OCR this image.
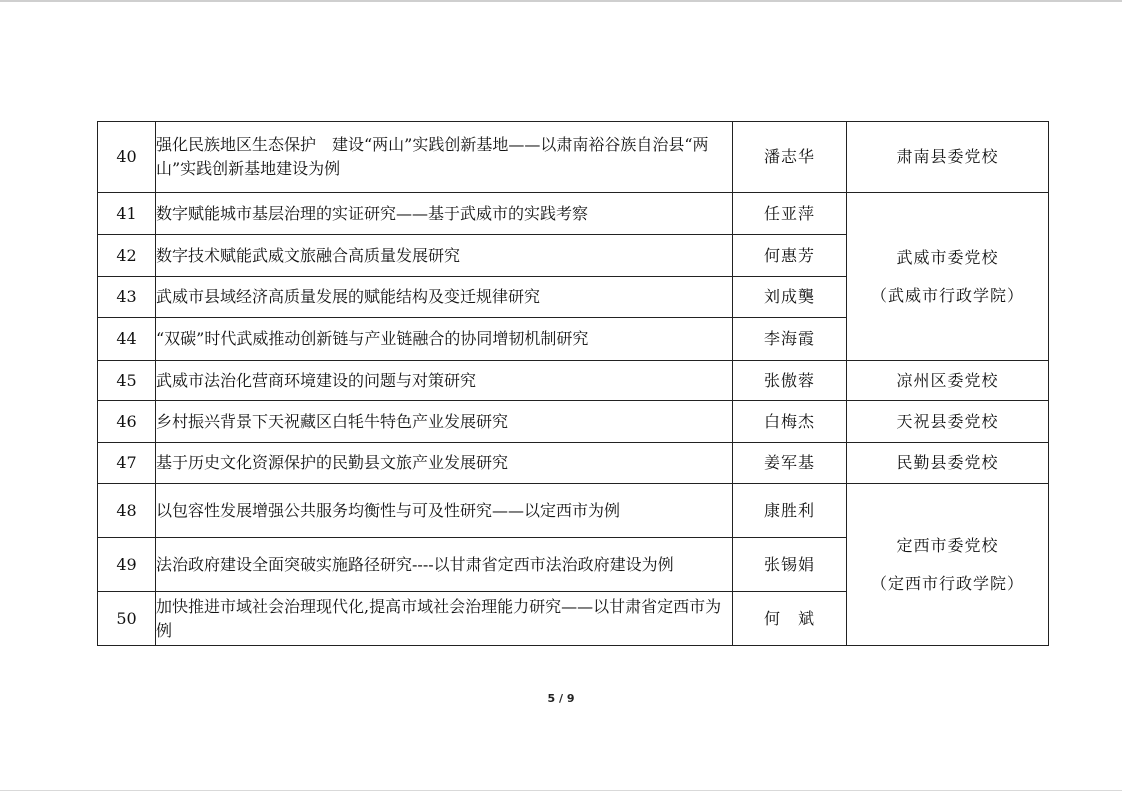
40	强化民族地区生态保护　建设“两山”实践创新基地——以肃南裕谷族自治县“两山”实践创新基地建设为例	潘志华	肃南县委党校
41	数字赋能城市基层治理的实证研究——基于武威市的实践考察	任亚萍	武威市委党校
（武威市行政学院）

42	数字技术赋能武威文旅融合高质量发展研究	何惠芳	
43	武威市县域经济高质量发展的赋能结构及变迁规律研究	刘成龑	
44	“双碳”时代武威推动创新链与产业链融合的协同增韧机制研究	李海霞	
45	武威市法治化营商环境建设的问题与对策研究	张傲蓉	凉州区委党校
46	乡村振兴背景下天祝藏区白牦牛特色产业发展研究	白梅杰	天祝县委党校
47	基于历史文化资源保护的民勤县文旅产业发展研究	姜军基	民勤县委党校
48	以包容性发展增强公共服务均衡性与可及性研究——以定西市为例	康胜利	定西市委党校
（定西市行政学院）

49	法治政府建设全面突破实施路径研究----以甘肃省定西市法治政府建设为例	张锡娟	
50	加快推进市域社会治理现代化,提高市域社会治理能力研究——以甘肃省定西市为例	何　斌	
5 / 9
